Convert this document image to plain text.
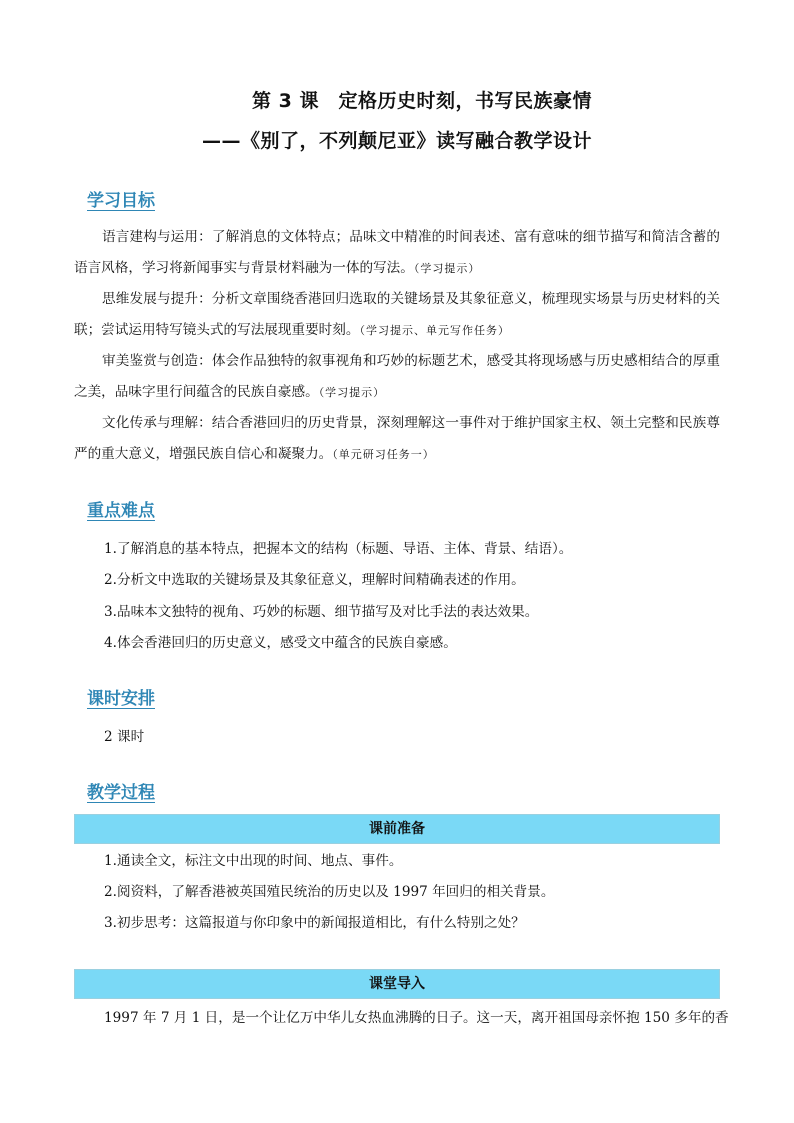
第 3 课　定格历史时刻，书写民族豪情
——《别了，不列颠尼亚》读写融合教学设计
学习目标

语言建构与运用：了解消息的文体特点；品味文中精准的时间表述、富有意味的细节描写和简洁含蓄的语言风格，学习将新闻事实与背景材料融为一体的写法。（学习提示）

思维发展与提升：分析文章围绕香港回归选取的关键场景及其象征意义，梳理现实场景与历史材料的关联；尝试运用特写镜头式的写法展现重要时刻。（学习提示、单元写作任务）

审美鉴赏与创造：体会作品独特的叙事视角和巧妙的标题艺术，感受其将现场感与历史感相结合的厚重之美，品味字里行间蕴含的民族自豪感。（学习提示）

文化传承与理解：结合香港回归的历史背景，深刻理解这一事件对于维护国家主权、领土完整和民族尊严的重大意义，增强民族自信心和凝聚力。（单元研习任务一）

重点难点
1.了解消息的基本特点，把握本文的结构（标题、导语、主体、背景、结语）。
2.分析文中选取的关键场景及其象征意义，理解时间精确表述的作用。
3.品味本文独特的视角、巧妙的标题、细节描写及对比手法的表达效果。
4.体会香港回归的历史意义，感受文中蕴含的民族自豪感。
课时安排
2 课时
教学过程
课前准备
1.通读全文，标注文中出现的时间、地点、事件。
2.阅资料，了解香港被英国殖民统治的历史以及 1997 年回归的相关背景。
3.初步思考：这篇报道与你印象中的新闻报道相比，有什么特别之处？
课堂导入
1997 年 7 月 1 日，是一个让亿万中华儿女热血沸腾的日子。这一天，离开祖国母亲怀抱 150 多年的香
